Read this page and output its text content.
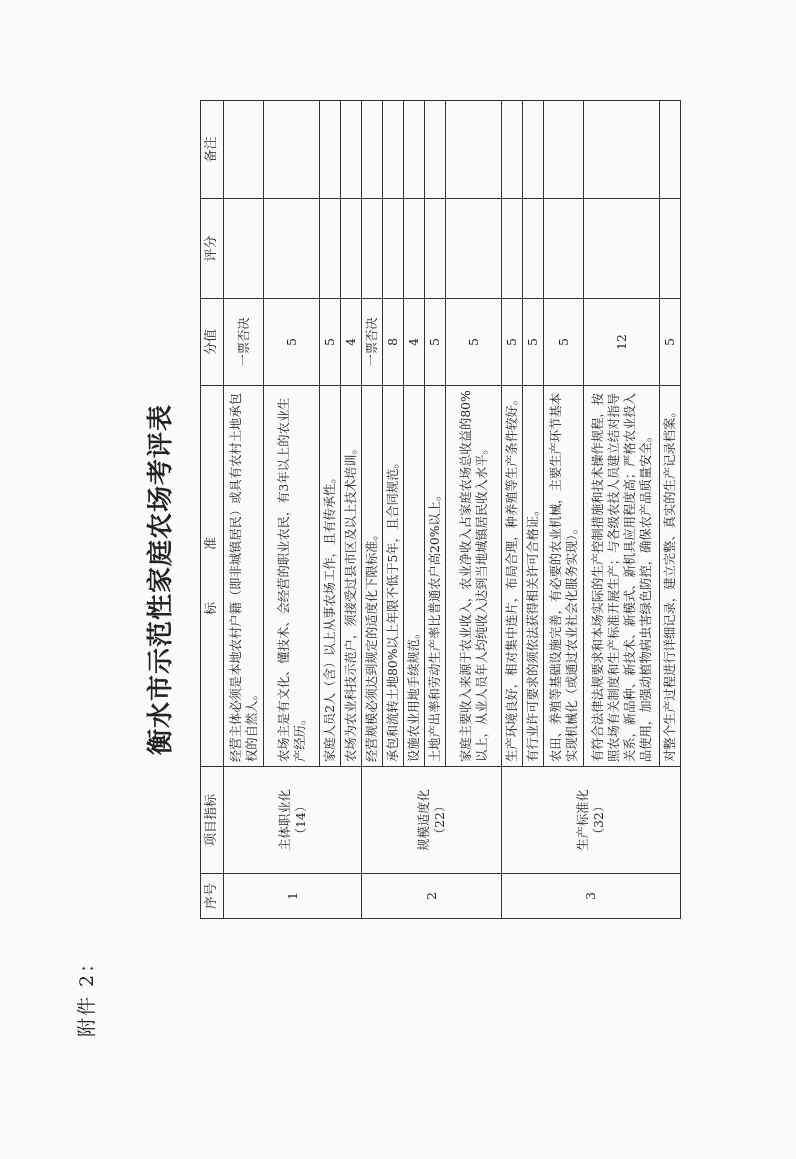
附件 2：
衡水市示范性家庭农场考评表
序号	项目指标	标　　　　准	分值	评分	备注
1	主体职业化 （14）	经营主体必须是本地农村户籍（即非城镇居民）或具有农村土地承包权的自然人。	一票否决		
		农场主是有文化、懂技术、会经营的职业农民，有3年以上的农业生产经历。	5		
		家庭人员2人（含）以上从事农场工作，且有传承性。	5		
		农场为农业科技示范户，须接受过县市区及以上技术培训。	4		
2	规模适度化 （22）	经营规模必须达到规定的适度化下限标准。	一票否决		
		承包和流转土地80%以上年限不低于5年，且合同规范。	8		
		设施农业用地手续规范。	4		
		土地产出率和劳动生产率比普通农户高20%以上。	5		
		家庭主要收入来源于农业收入，农业净收入占家庭农场总收益的80%以上，从业人员年人均纯收入达到当地城镇居民收入水平。	5		
3	生产标准化 （32）	生产环境良好，相对集中连片，布局合理，种养殖等生产条件较好。	5		
		有行业许可要求的须依法获得相关许可合格证。	5		
		农田、养殖等基础设施完善，有必要的农业机械，主要生产环节基本实现机械化（或通过农业社会化服务实现）。	5		
		有符合法律法规要求和本场实际的生产控制措施和技术操作规程，按照农场有关制度和生产标准开展生产；与各级农技人员建立结对指导关系，新品种、新技术、新模式、新机具应用程度高；严格农业投入品使用，加强动植物病虫害绿色防控，确保农产品质量安全。	12		
		对整个生产过程进行详细记录，建立完整、真实的生产记录档案。	5		
